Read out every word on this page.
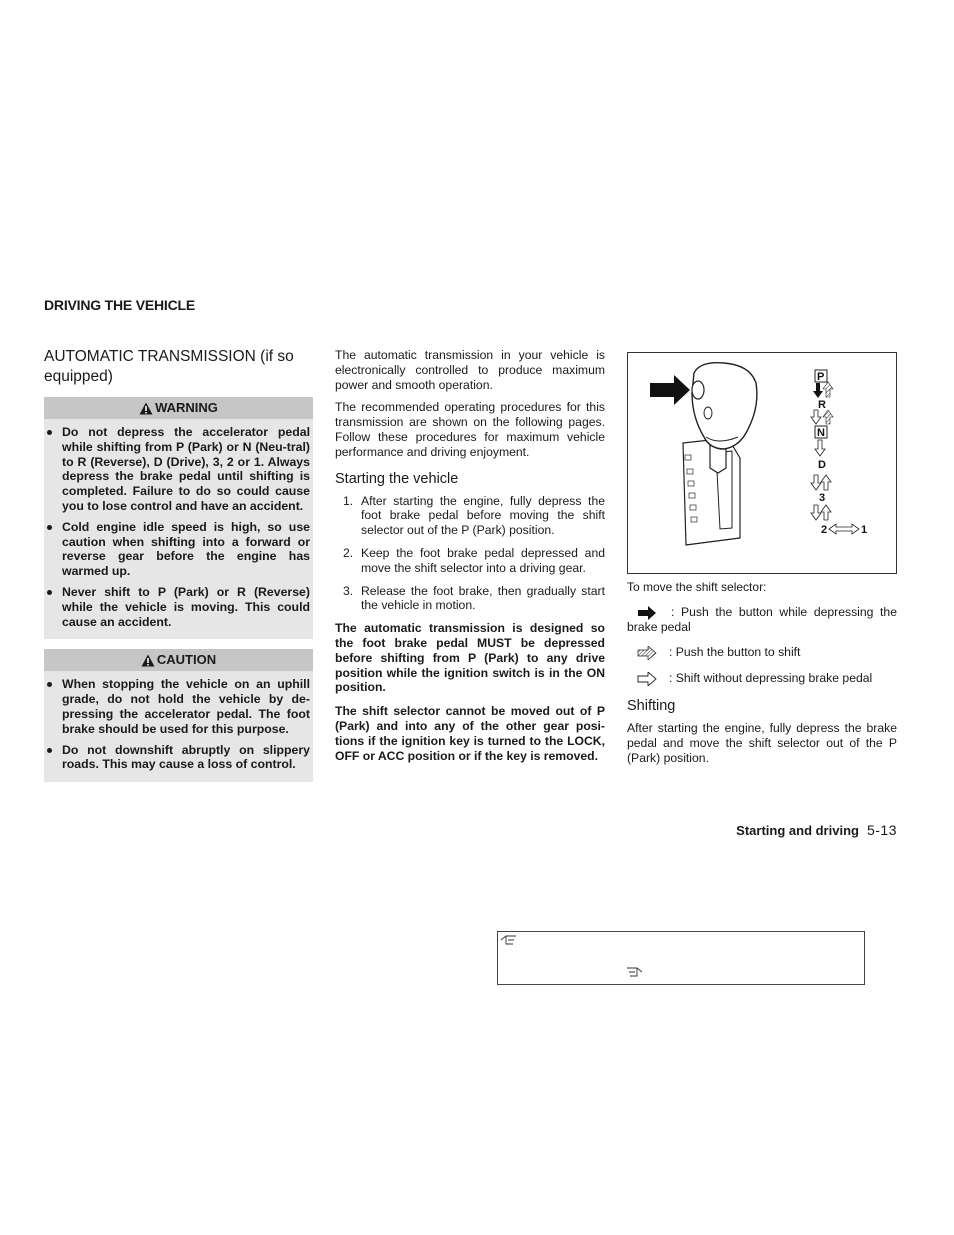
DRIVING THE VEHICLE
AUTOMATIC TRANSMISSION (if so equipped)
WARNING
Do not depress the accelerator pedal while shifting from P (Park) or N (Neu-tral) to R (Reverse), D (Drive), 3, 2 or 1. Always depress the brake pedal until shifting is completed. Failure to do so could cause you to lose control and have an accident.
Cold engine idle speed is high, so use caution when shifting into a forward or reverse gear before the engine has warmed up.
Never shift to P (Park) or R (Reverse) while the vehicle is moving. This could cause an accident.
CAUTION
When stopping the vehicle on an uphill grade, do not hold the vehicle by de-pressing the accelerator pedal. The foot brake should be used for this purpose.
Do not downshift abruptly on slippery roads. This may cause a loss of control.

The automatic transmission in your vehicle is electronically controlled to produce maximum power and smooth operation.

The recommended operating procedures for this transmission are shown on the following pages. Follow these procedures for maximum vehicle performance and driving enjoyment.

Starting the vehicle
1. After starting the engine, fully depress the foot brake pedal before moving the shift selector out of the P (Park) position.
2. Keep the foot brake pedal depressed and move the shift selector into a driving gear.
3. Release the foot brake, then gradually start the vehicle in motion.

The automatic transmission is designed so the foot brake pedal MUST be depressed before shifting from P (Park) to any drive position while the ignition switch is in the ON position.

The shift selector cannot be moved out of P (Park) and into any of the other gear posi-tions if the ignition key is turned to the LOCK, OFF or ACC position or if the key is removed.

P
R
N
D
3
2	1
To move the shift selector:
: Push the button while depressing the brake pedal
: Push the button to shift
: Shift without depressing brake pedal
Shifting

After starting the engine, fully depress the brake pedal and move the shift selector out of the P (Park) position.

Starting and driving 5-13
